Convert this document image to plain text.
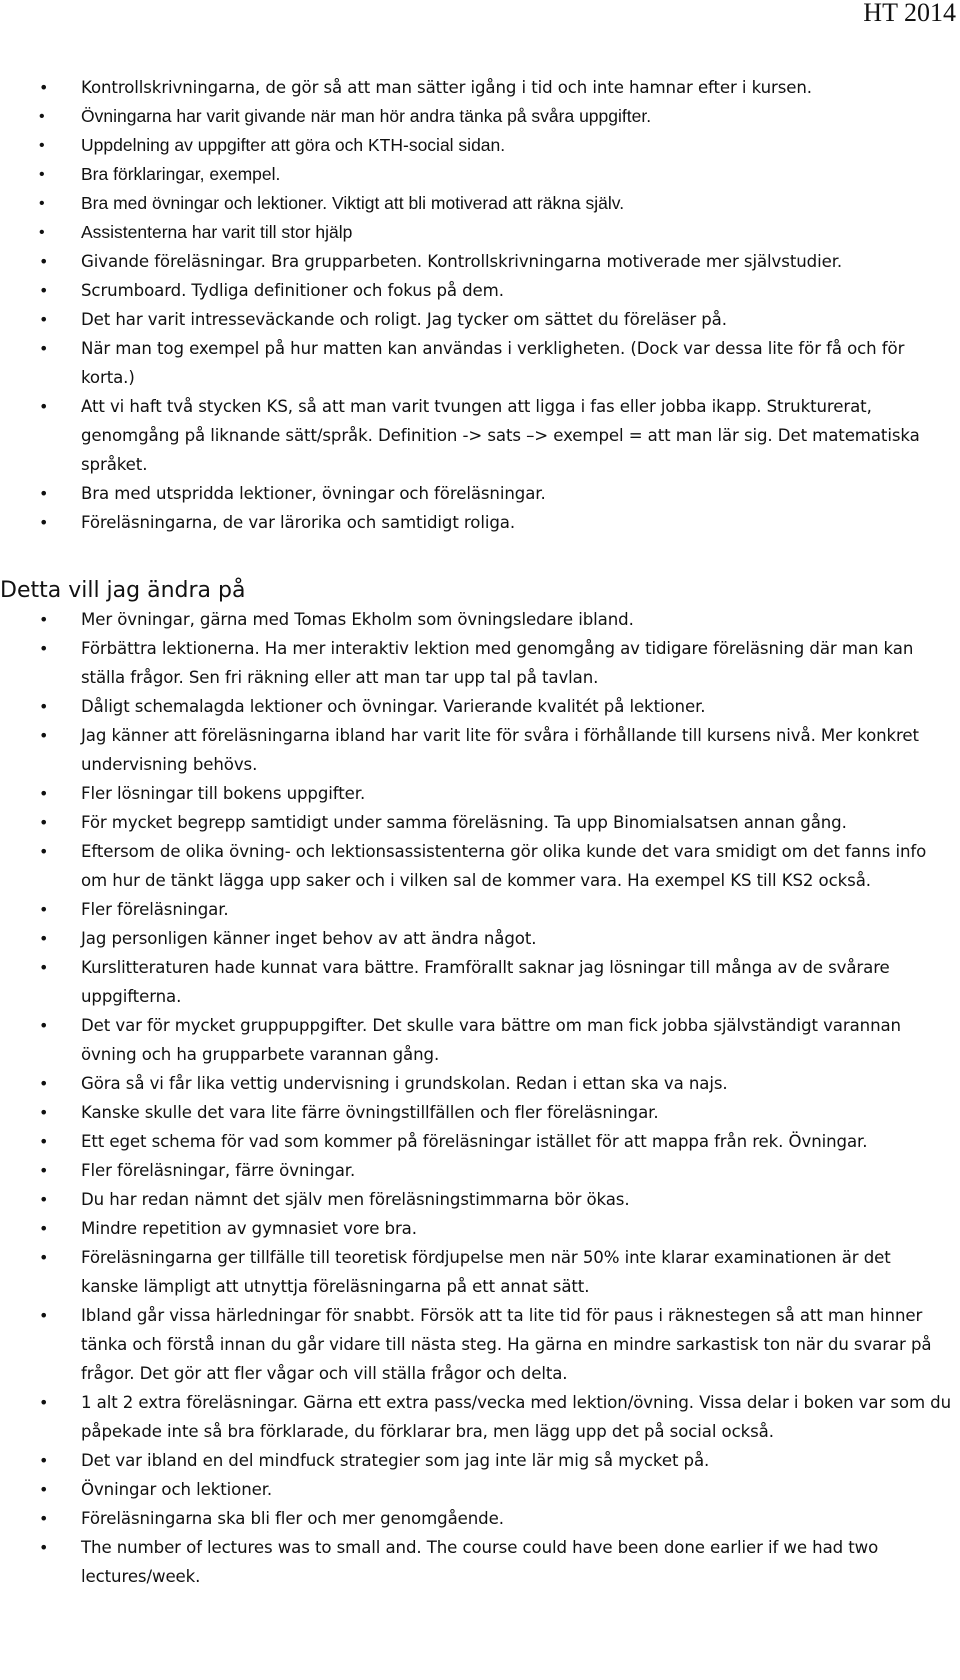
HT 2014
• Kontrollskrivningarna, de gör så att man sätter igång i tid och inte hamnar efter i kursen.
• Övningarna har varit givande när man hör andra tänka på svåra uppgifter.
• Uppdelning av uppgifter att göra och KTH-social sidan.
• Bra förklaringar, exempel.
• Bra med övningar och lektioner. Viktigt att bli motiverad att räkna själv.
• Assistenterna har varit till stor hjälp
• Givande föreläsningar. Bra grupparbeten. Kontrollskrivningarna motiverade mer självstudier.
• Scrumboard. Tydliga definitioner och fokus på dem.
• Det har varit intresseväckande och roligt. Jag tycker om sättet du föreläser på.
• När man tog exempel på hur matten kan användas i verkligheten. (Dock var dessa lite för få och för korta.)
• Att vi haft två stycken KS, så att man varit tvungen att ligga i fas eller jobba ikapp. Strukturerat, genomgång på liknande sätt/språk. Definition -> sats –> exempel = att man lär sig. Det matematiska språket.
• Bra med utspridda lektioner, övningar och föreläsningar.
• Föreläsningarna, de var lärorika och samtidigt roliga.
Detta vill jag ändra på
• Mer övningar, gärna med Tomas Ekholm som övningsledare ibland.
• Förbättra lektionerna. Ha mer interaktiv lektion med genomgång av tidigare föreläsning där man kan ställa frågor. Sen fri räkning eller att man tar upp tal på tavlan.
• Dåligt schemalagda lektioner och övningar. Varierande kvalitét på lektioner.
• Jag känner att föreläsningarna ibland har varit lite för svåra i förhållande till kursens nivå. Mer konkret undervisning behövs.
• Fler lösningar till bokens uppgifter.
• För mycket begrepp samtidigt under samma föreläsning. Ta upp Binomialsatsen annan gång.
• Eftersom de olika övning- och lektionsassistenterna gör olika kunde det vara smidigt om det fanns info om hur de tänkt lägga upp saker och i vilken sal de kommer vara. Ha exempel KS till KS2 också.
• Fler föreläsningar.
• Jag personligen känner inget behov av att ändra något.
• Kurslitteraturen hade kunnat vara bättre. Framförallt saknar jag lösningar till många av de svårare uppgifterna.
• Det var för mycket gruppuppgifter. Det skulle vara bättre om man fick jobba självständigt varannan övning och ha grupparbete varannan gång.
• Göra så vi får lika vettig undervisning i grundskolan. Redan i ettan ska va najs.
• Kanske skulle det vara lite färre övningstillfällen och fler föreläsningar.
• Ett eget schema för vad som kommer på föreläsningar istället för att mappa från rek. Övningar.
• Fler föreläsningar, färre övningar.
• Du har redan nämnt det själv men föreläsningstimmarna bör ökas.
• Mindre repetition av gymnasiet vore bra.
• Föreläsningarna ger tillfälle till teoretisk fördjupelse men när 50% inte klarar examinationen är det kanske lämpligt att utnyttja föreläsningarna på ett annat sätt.
• Ibland går vissa härledningar för snabbt. Försök att ta lite tid för paus i räknestegen så att man hinner tänka och förstå innan du går vidare till nästa steg. Ha gärna en mindre sarkastisk ton när du svarar på frågor. Det gör att fler vågar och vill ställa frågor och delta.
• 1 alt 2 extra föreläsningar. Gärna ett extra pass/vecka med lektion/övning. Vissa delar i boken var som du påpekade inte så bra förklarade, du förklarar bra, men lägg upp det på social också.
• Det var ibland en del mindfuck strategier som jag inte lär mig så mycket på.
• Övningar och lektioner.
• Föreläsningarna ska bli fler och mer genomgående.
• The number of lectures was to small and. The course could have been done earlier if we had two lectures/week.
